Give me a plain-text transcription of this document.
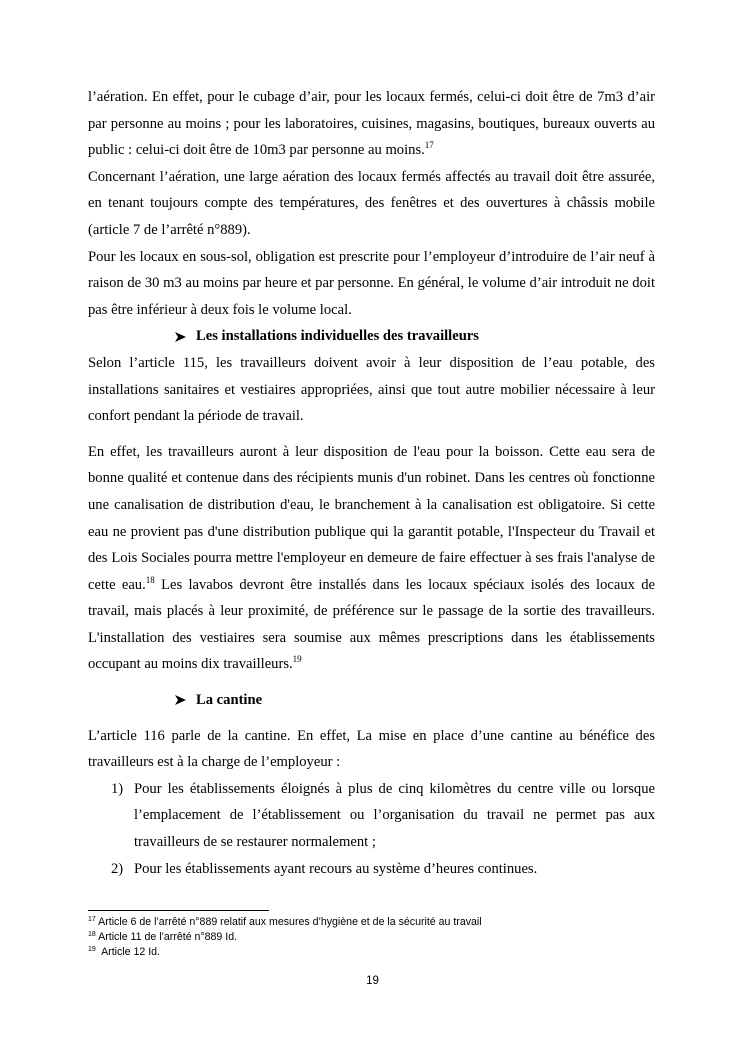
l’aération. En effet, pour le cubage d’air, pour les locaux fermés, celui-ci doit être de 7m3 d’air par personne au moins ; pour les laboratoires, cuisines, magasins, boutiques, bureaux ouverts au public : celui-ci doit être de 10m3 par personne au moins.$^{17}$

Concernant l’aération, une large aération des locaux fermés affectés au travail doit être assurée, en tenant toujours compte des températures, des fenêtres et des ouvertures à châssis mobile (article 7 de l’arrêté n°889).

Pour les locaux en sous-sol, obligation est prescrite pour l’employeur d’introduire de l’air neuf à raison de 30 m3 au moins par heure et par personne. En général, le volume d’air introduit ne doit pas être inférieur à deux fois le volume local.

Les installations individuelles des travailleurs

Selon l’article 115, les travailleurs doivent avoir à leur disposition de l’eau potable, des installations sanitaires et vestiaires appropriées, ainsi que tout autre mobilier nécessaire à leur confort pendant la période de travail.

En effet, les travailleurs auront à leur disposition de l'eau pour la boisson. Cette eau sera de bonne qualité et contenue dans des récipients munis d'un robinet. Dans les centres où fonctionne une canalisation de distribution d'eau, le branchement à la canalisation est obligatoire. Si cette eau ne provient pas d'une distribution publique qui la garantit potable, l'Inspecteur du Travail et des Lois Sociales pourra mettre l'employeur en demeure de faire effectuer à ses frais l'analyse de cette eau.$^{18}$ Les lavabos devront être installés dans les locaux spéciaux isolés des locaux de travail, mais placés à leur proximité, de préférence sur le passage de la sortie des travailleurs. L'installation des vestiaires sera soumise aux mêmes prescriptions dans les établissements occupant au moins dix travailleurs.$^{19}$

La cantine

L’article 116 parle de la cantine. En effet, La mise en place d’une cantine au bénéfice des travailleurs est à la charge de l’employeur :

1) Pour les établissements éloignés à plus de cinq kilomètres du centre ville ou lorsque l’emplacement de l’établissement ou l’organisation du travail ne permet pas aux travailleurs de se restaurer normalement ;
2) Pour les établissements ayant recours au système d’heures continues.
$^{17}$ Article 6 de l’arrêté n°889 relatif aux mesures d’hygiène et de la sécurité au travail
$^{18}$ Article 11 de l’arrêté n°889 Id.
$^{19}$  Article 12 Id.
19
